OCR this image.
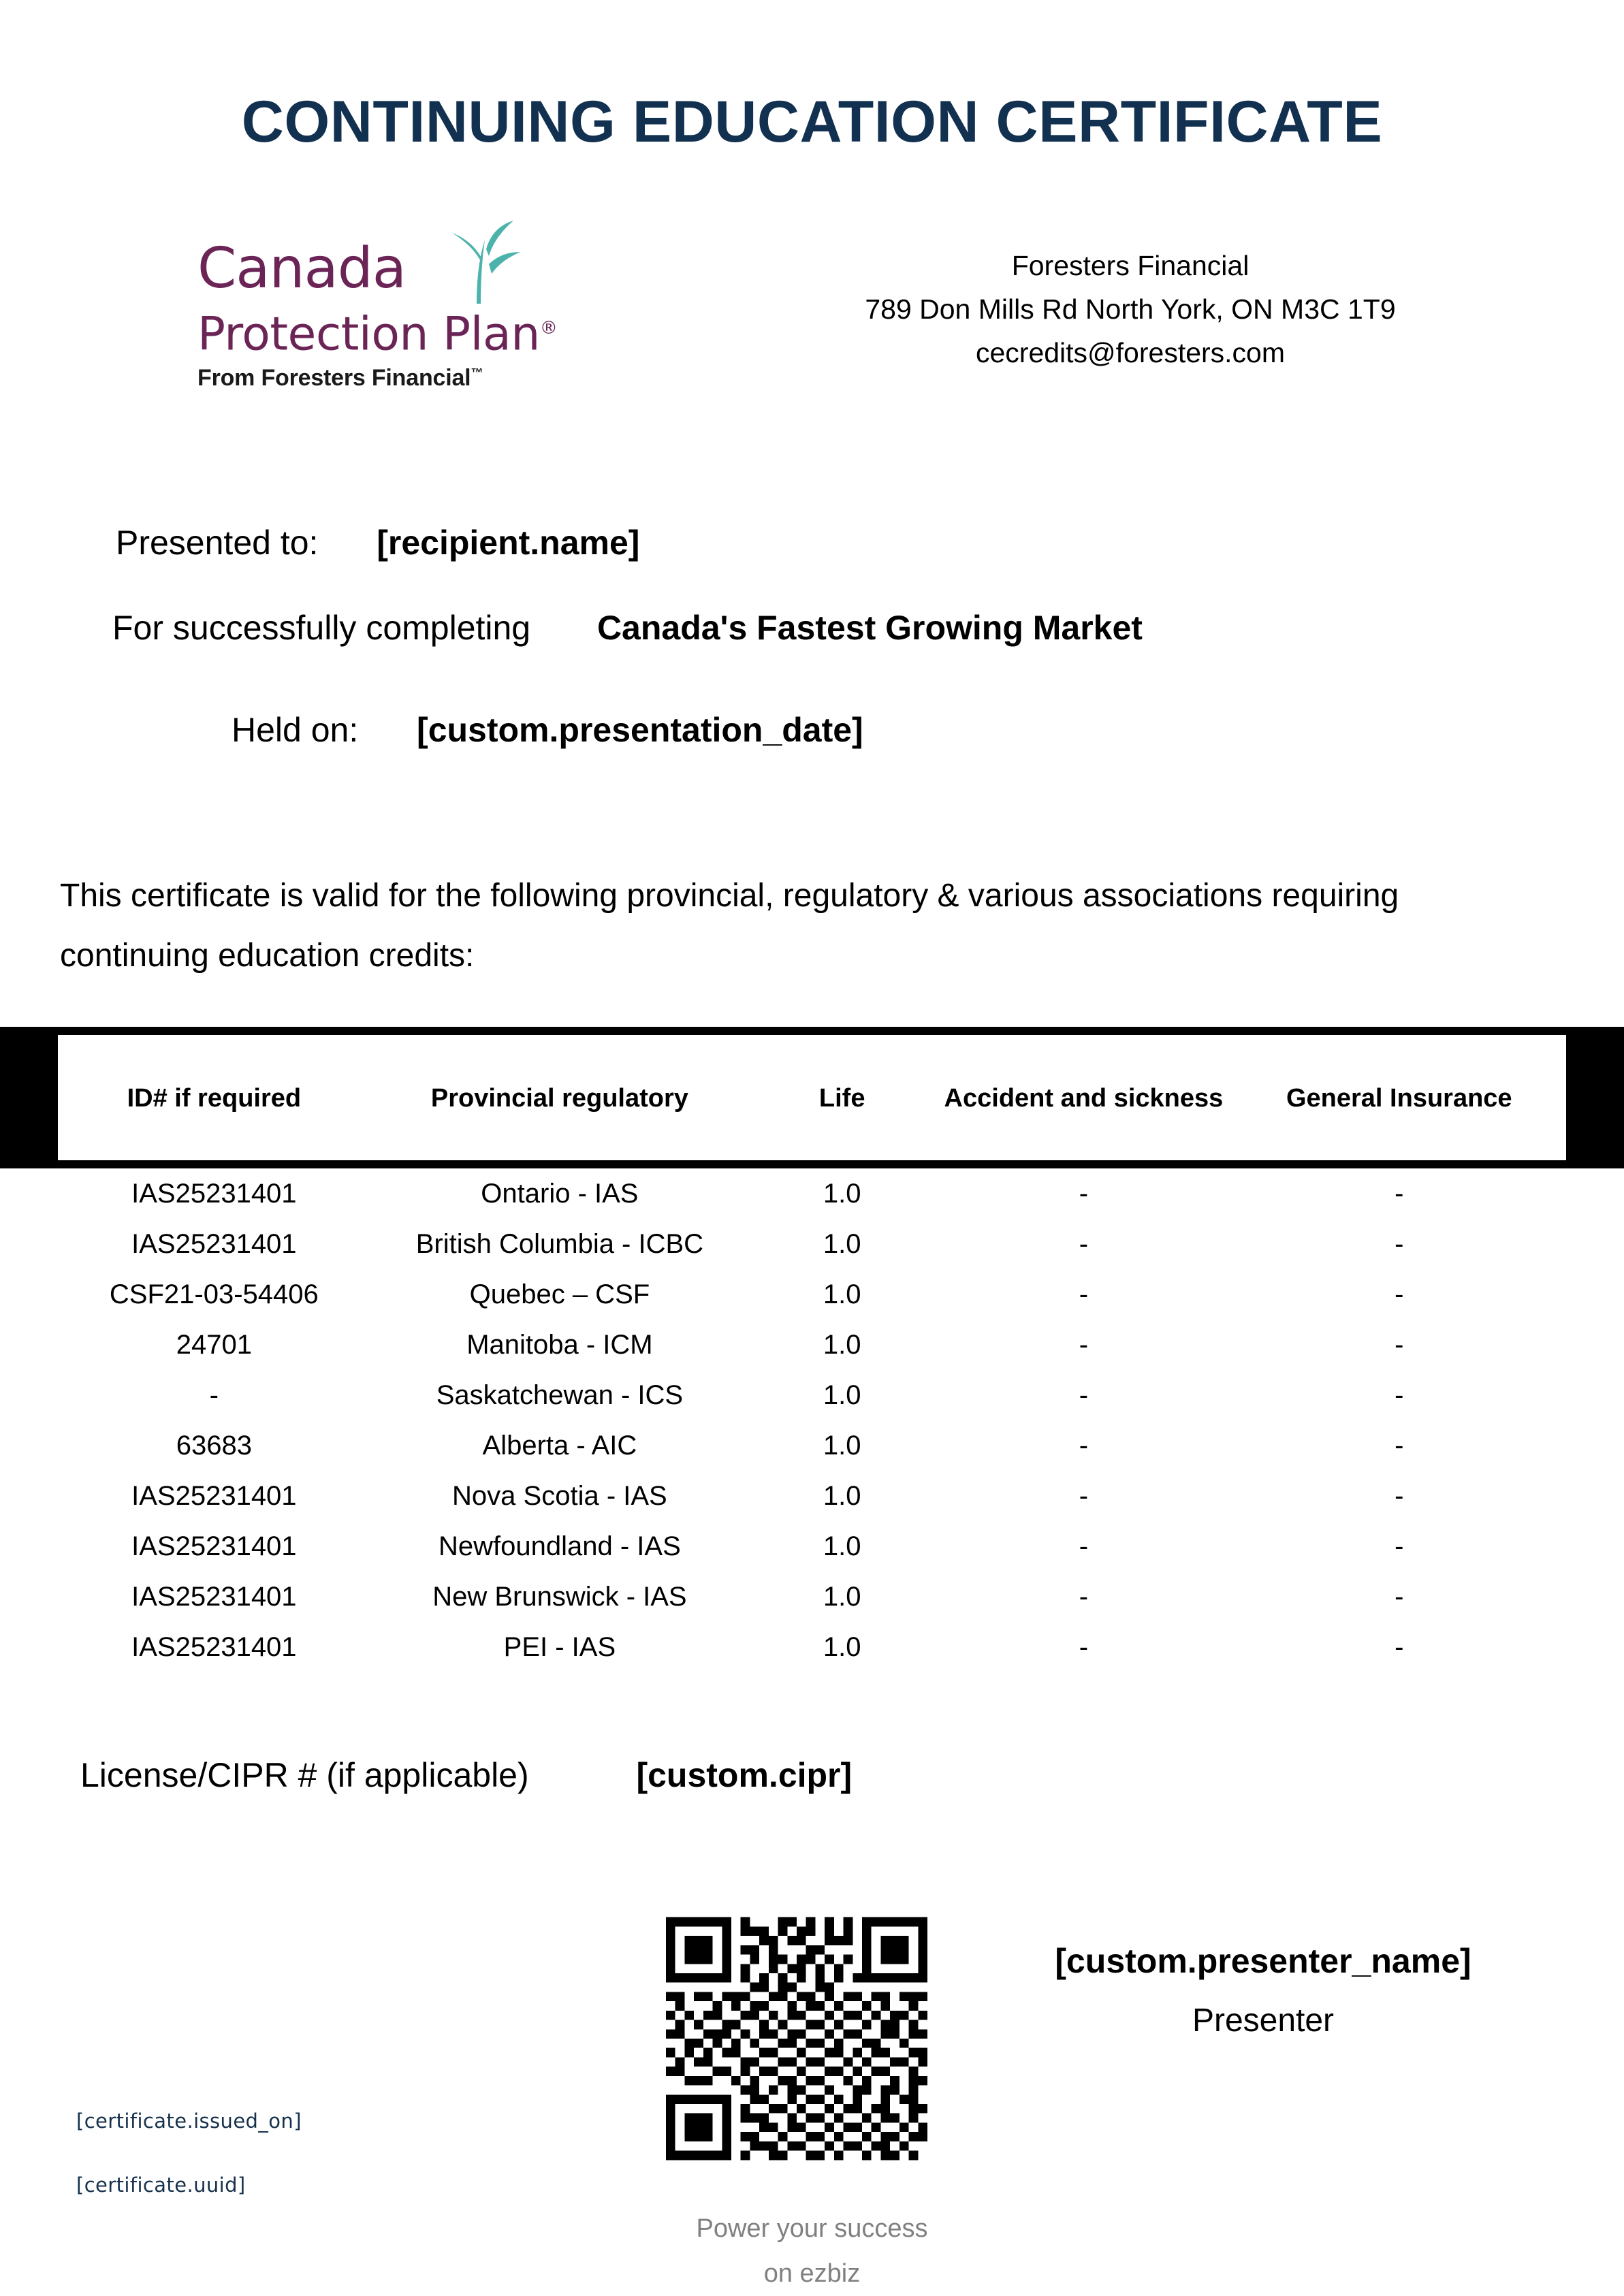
CONTINUING EDUCATION CERTIFICATE
Canada
Protection Plan®
From Foresters Financial™
Foresters Financial
789 Don Mills Rd North York, ON M3C 1T9
cecredits@foresters.com
Presented to: [recipient.name]
For successfully completing Canada's Fastest Growing Market
Held on: [custom.presentation_date]
This certificate is valid for the following provincial, regulatory & various associations requiring continuing education credits:
	ID# if required	Provincial regulatory	Life	Accident and sickness	General Insurance	
	IAS25231401	Ontario - IAS	1.0	-	-	
	IAS25231401	British Columbia - ICBC	1.0	-	-	
	CSF21-03-54406	Quebec – CSF	1.0	-	-	
	24701	Manitoba - ICM	1.0	-	-	
	-	Saskatchewan - ICS	1.0	-	-	
	63683	Alberta - AIC	1.0	-	-	
	IAS25231401	Nova Scotia - IAS	1.0	-	-	
	IAS25231401	Newfoundland - IAS	1.0	-	-	
	IAS25231401	New Brunswick - IAS	1.0	-	-	
	IAS25231401	PEI - IAS	1.0	-	-	
License/CIPR # (if applicable)	[custom.cipr]
[custom.presenter_name]
Presenter
[certificate.issued_on]
[certificate.uuid]
Power your success
on ezbiz
